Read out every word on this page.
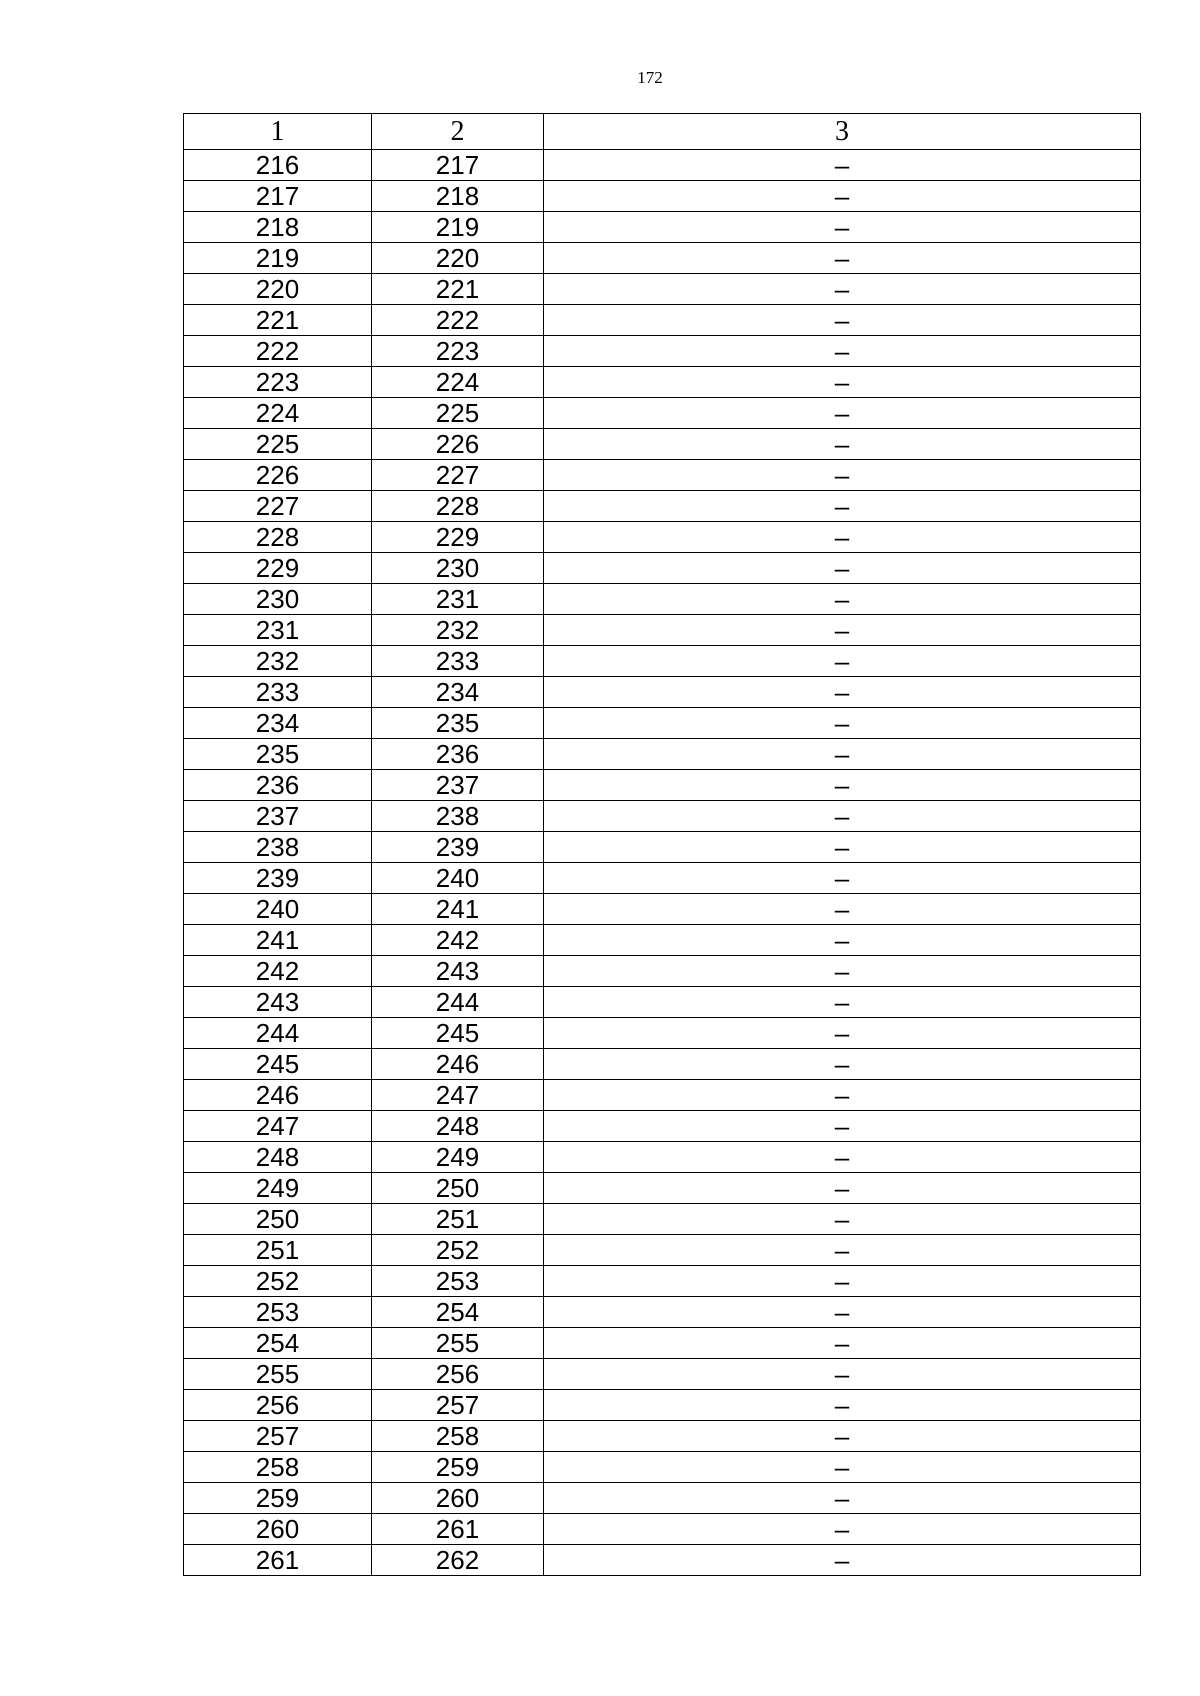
172
1	2	3
216	217	–
217	218	–
218	219	–
219	220	–
220	221	–
221	222	–
222	223	–
223	224	–
224	225	–
225	226	–
226	227	–
227	228	–
228	229	–
229	230	–
230	231	–
231	232	–
232	233	–
233	234	–
234	235	–
235	236	–
236	237	–
237	238	–
238	239	–
239	240	–
240	241	–
241	242	–
242	243	–
243	244	–
244	245	–
245	246	–
246	247	–
247	248	–
248	249	–
249	250	–
250	251	–
251	252	–
252	253	–
253	254	–
254	255	–
255	256	–
256	257	–
257	258	–
258	259	–
259	260	–
260	261	–
261	262	–
